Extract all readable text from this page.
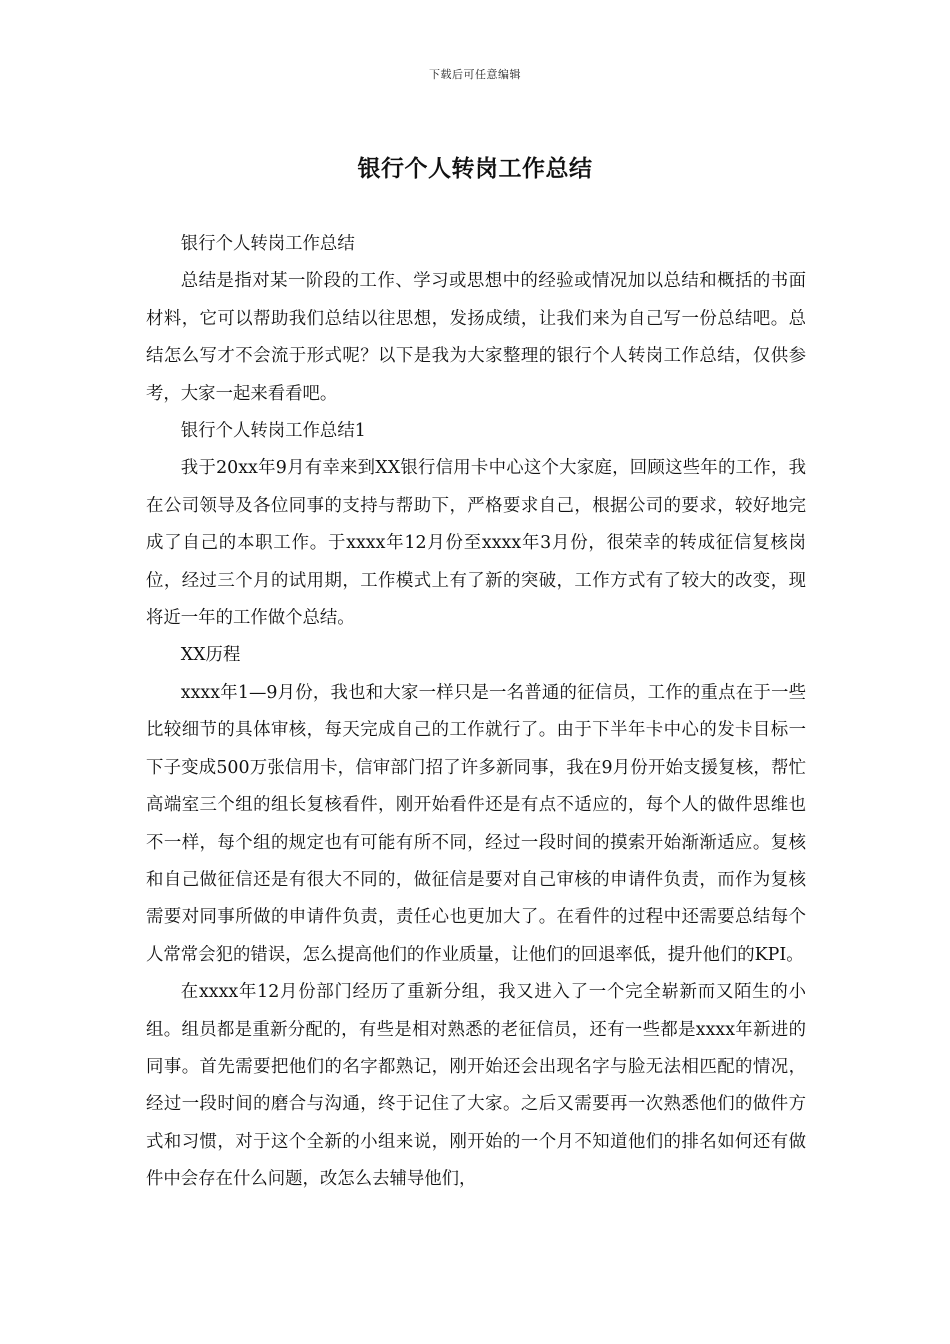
下载后可任意编辑
银行个人转岗工作总结

银行个人转岗工作总结

总结是指对某一阶段的工作、学习或思想中的经验或情况加以总结和概括的书面材料，它可以帮助我们总结以往思想，发扬成绩，让我们来为自己写一份总结吧。总结怎么写才不会流于形式呢？以下是我为大家整理的银行个人转岗工作总结，仅供参考，大家一起来看看吧。

银行个人转岗工作总结1

我于20xx年9月有幸来到XX银行信用卡中心这个大家庭，回顾这些年的工作，我在公司领导及各位同事的支持与帮助下，严格要求自己，根据公司的要求，较好地完成了自己的本职工作。于xxxx年12月份至xxxx年3月份，很荣幸的转成征信复核岗位，经过三个月的试用期，工作模式上有了新的突破，工作方式有了较大的改变，现将近一年的工作做个总结。

XX历程

xxxx年1—9月份，我也和大家一样只是一名普通的征信员，工作的重点在于一些比较细节的具体审核，每天完成自己的工作就行了。由于下半年卡中心的发卡目标一下子变成500万张信用卡，信审部门招了许多新同事，我在9月份开始支援复核，帮忙高端室三个组的组长复核看件，刚开始看件还是有点不适应的，每个人的做件思维也不一样，每个组的规定也有可能有所不同，经过一段时间的摸索开始渐渐适应。复核和自己做征信还是有很大不同的，做征信是要对自己审核的申请件负责，而作为复核需要对同事所做的申请件负责，责任心也更加大了。在看件的过程中还需要总结每个人常常会犯的错误，怎么提高他们的作业质量，让他们的回退率低，提升他们的KPI。

在xxxx年12月份部门经历了重新分组，我又进入了一个完全崭新而又陌生的小组。组员都是重新分配的，有些是相对熟悉的老征信员，还有一些都是xxxx年新进的同事。首先需要把他们的名字都熟记，刚开始还会出现名字与脸无法相匹配的情况，经过一段时间的磨合与沟通，终于记住了大家。之后又需要再一次熟悉他们的做件方式和习惯，对于这个全新的小组来说，刚开始的一个月不知道他们的排名如何还有做件中会存在什么问题，改怎么去辅导他们，
